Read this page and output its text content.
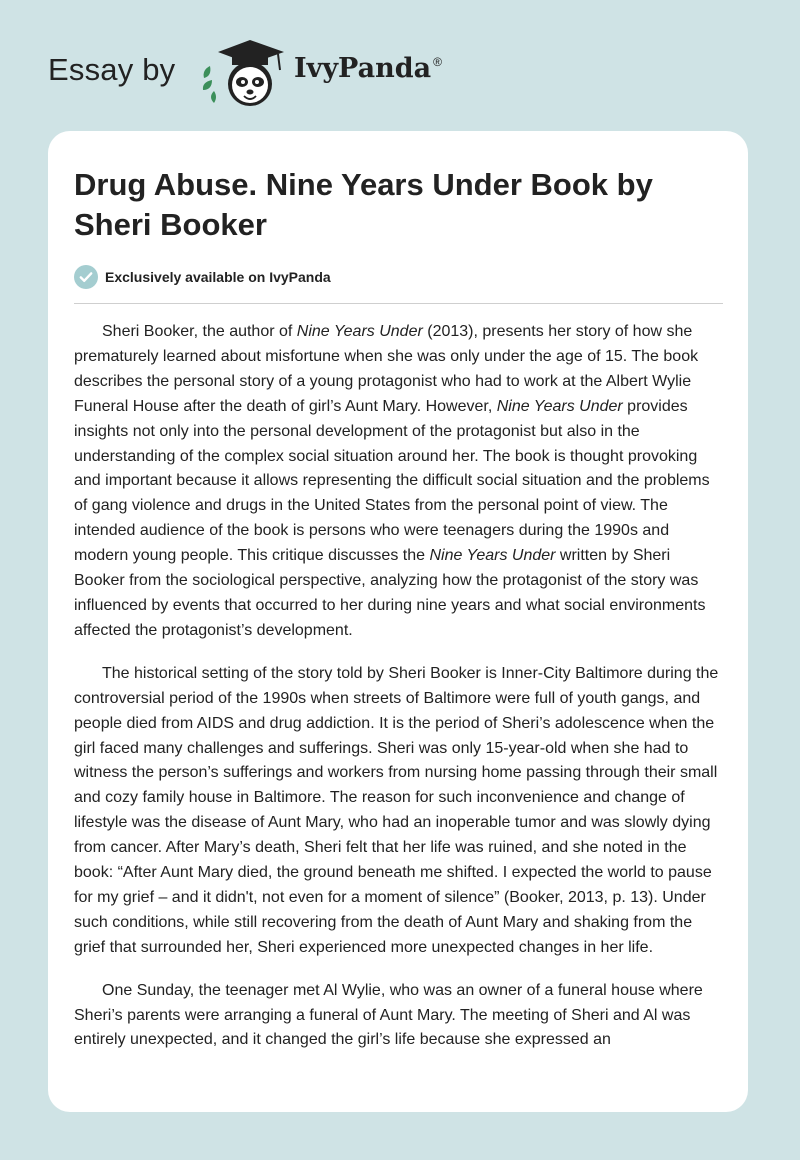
Essay by	IvyPanda ®
Drug Abuse. Nine Years Under Book by Sheri Booker
Exclusively available on IvyPanda

Sheri Booker, the author of Nine Years Under (2013), presents her story of how she prematurely learned about misfortune when she was only under the age of 15. The book describes the personal story of a young protagonist who had to work at the Albert Wylie Funeral House after the death of girl’s Aunt Mary. However, Nine Years Under provides insights not only into the personal development of the protagonist but also in the understanding of the complex social situation around her. The book is thought provoking and important because it allows representing the difficult social situation and the problems of gang violence and drugs in the United States from the personal point of view. The intended audience of the book is persons who were teenagers during the 1990s and modern young people. This critique discusses the Nine Years Under written by Sheri Booker from the sociological perspective, analyzing how the protagonist of the story was influenced by events that occurred to her during nine years and what social environments affected the protagonist’s development.

The historical setting of the story told by Sheri Booker is Inner-City Baltimore during the controversial period of the 1990s when streets of Baltimore were full of youth gangs, and people died from AIDS and drug addiction. It is the period of Sheri’s adolescence when the girl faced many challenges and sufferings. Sheri was only 15-year-old when she had to witness the person’s sufferings and workers from nursing home passing through their small and cozy family house in Baltimore. The reason for such inconvenience and change of lifestyle was the disease of Aunt Mary, who had an inoperable tumor and was slowly dying from cancer. After Mary’s death, Sheri felt that her life was ruined, and she noted in the book: “After Aunt Mary died, the ground beneath me shifted. I expected the world to pause for my grief – and it didn't, not even for a moment of silence” (Booker, 2013, p. 13). Under such conditions, while still recovering from the death of Aunt Mary and shaking from the grief that surrounded her, Sheri experienced more unexpected changes in her life.

One Sunday, the teenager met Al Wylie, who was an owner of a funeral house where Sheri’s parents were arranging a funeral of Aunt Mary. The meeting of Sheri and Al was entirely unexpected, and it changed the girl’s life because she expressed an
